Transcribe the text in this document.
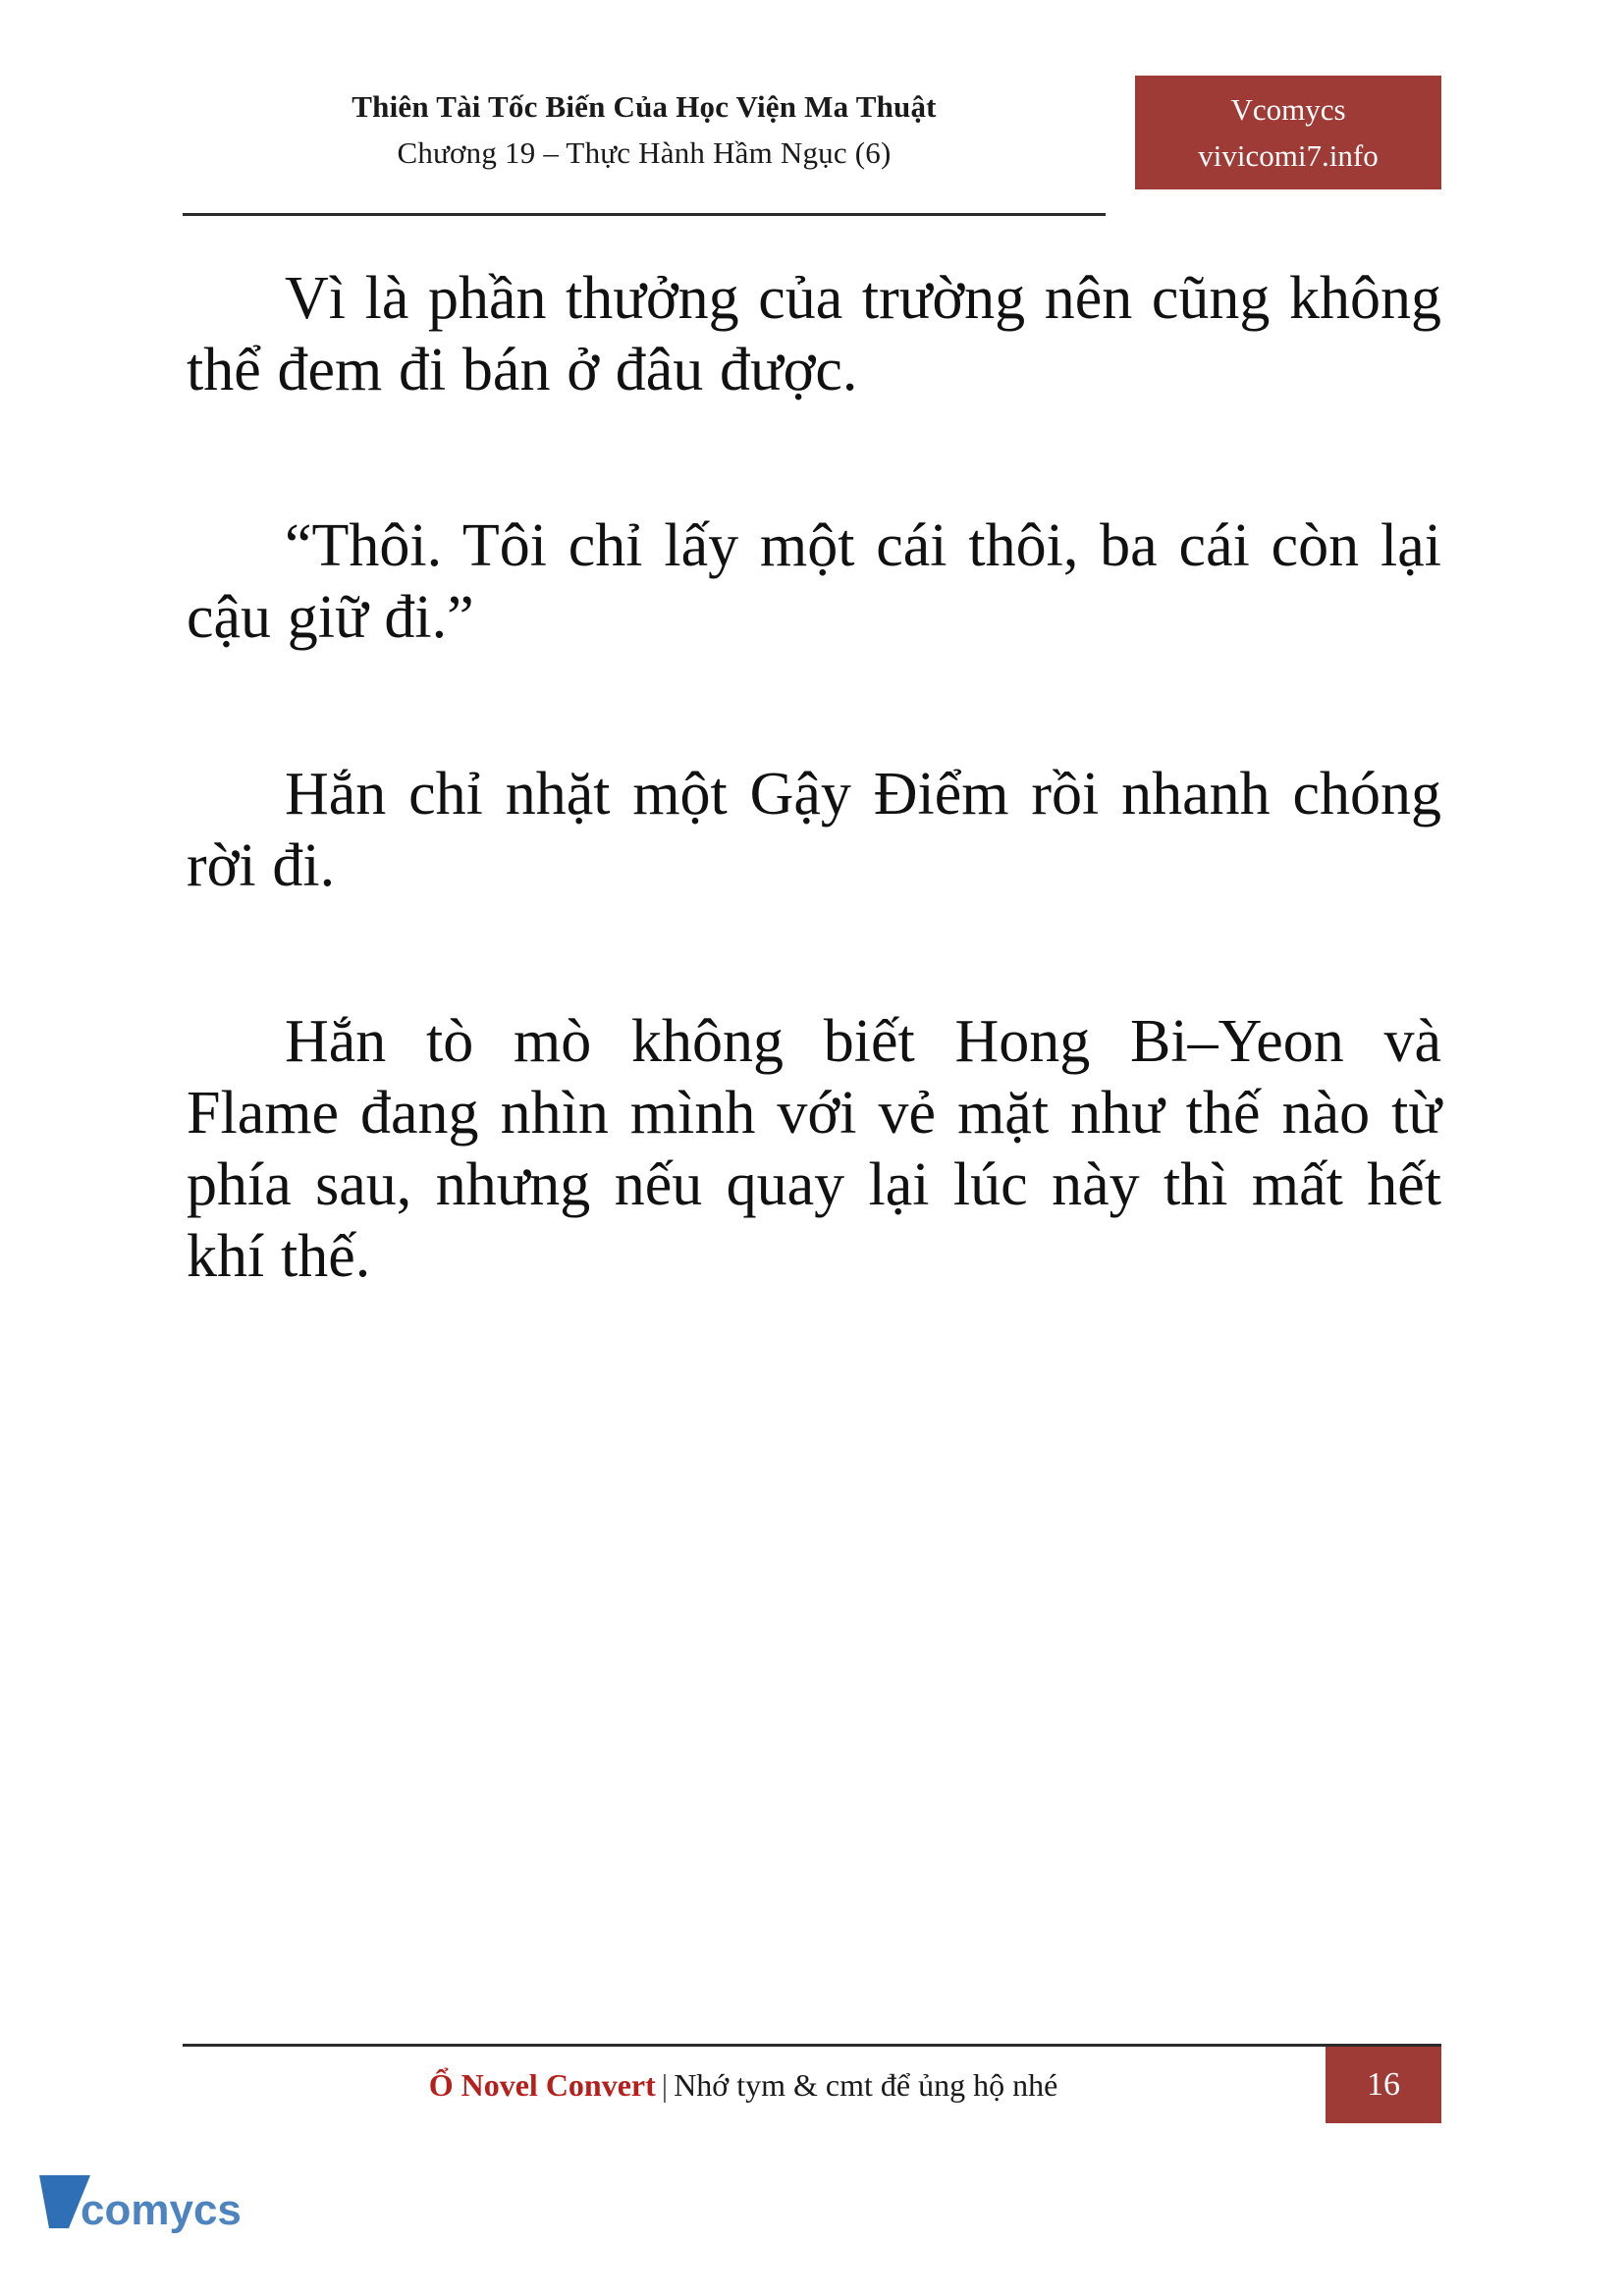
Thiên Tài Tốc Biến Của Học Viện Ma Thuật
Chương 19 – Thực Hành Hầm Ngục (6)
Vcomycs
vivicomi7.info

Vì là phần thưởng của trường nên cũng không thể đem đi bán ở đâu được.

“Thôi. Tôi chỉ lấy một cái thôi, ba cái còn lại cậu giữ đi.”

Hắn chỉ nhặt một Gậy Điểm rồi nhanh chóng rời đi.

Hắn tò mò không biết Hong Bi–Yeon và Flame đang nhìn mình với vẻ mặt như thế nào từ phía sau, nhưng nếu quay lại lúc này thì mất hết khí thế.

Ổ Novel Convert | Nhớ tym & cmt để ủng hộ nhé	16
comycs
